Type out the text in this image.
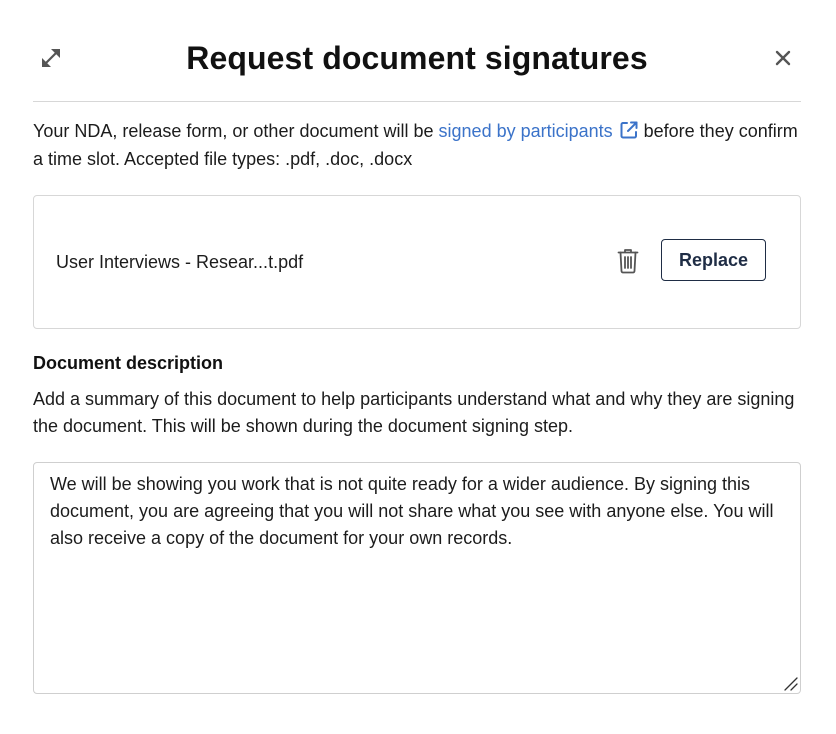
Request document signatures
Your NDA, release form, or other document will be signed by participants before they confirm a time slot. Accepted file types: .pdf, .doc, .docx
User Interviews - Resear...t.pdf	Replace
Document description
Add a summary of this document to help participants understand what and why they are signing the document. This will be shown during the document signing step.
We will be showing you work that is not quite ready for a wider audience. By signing this document, you are agreeing that you will not share what you see with anyone else. You will also receive a copy of the document for your own records.
